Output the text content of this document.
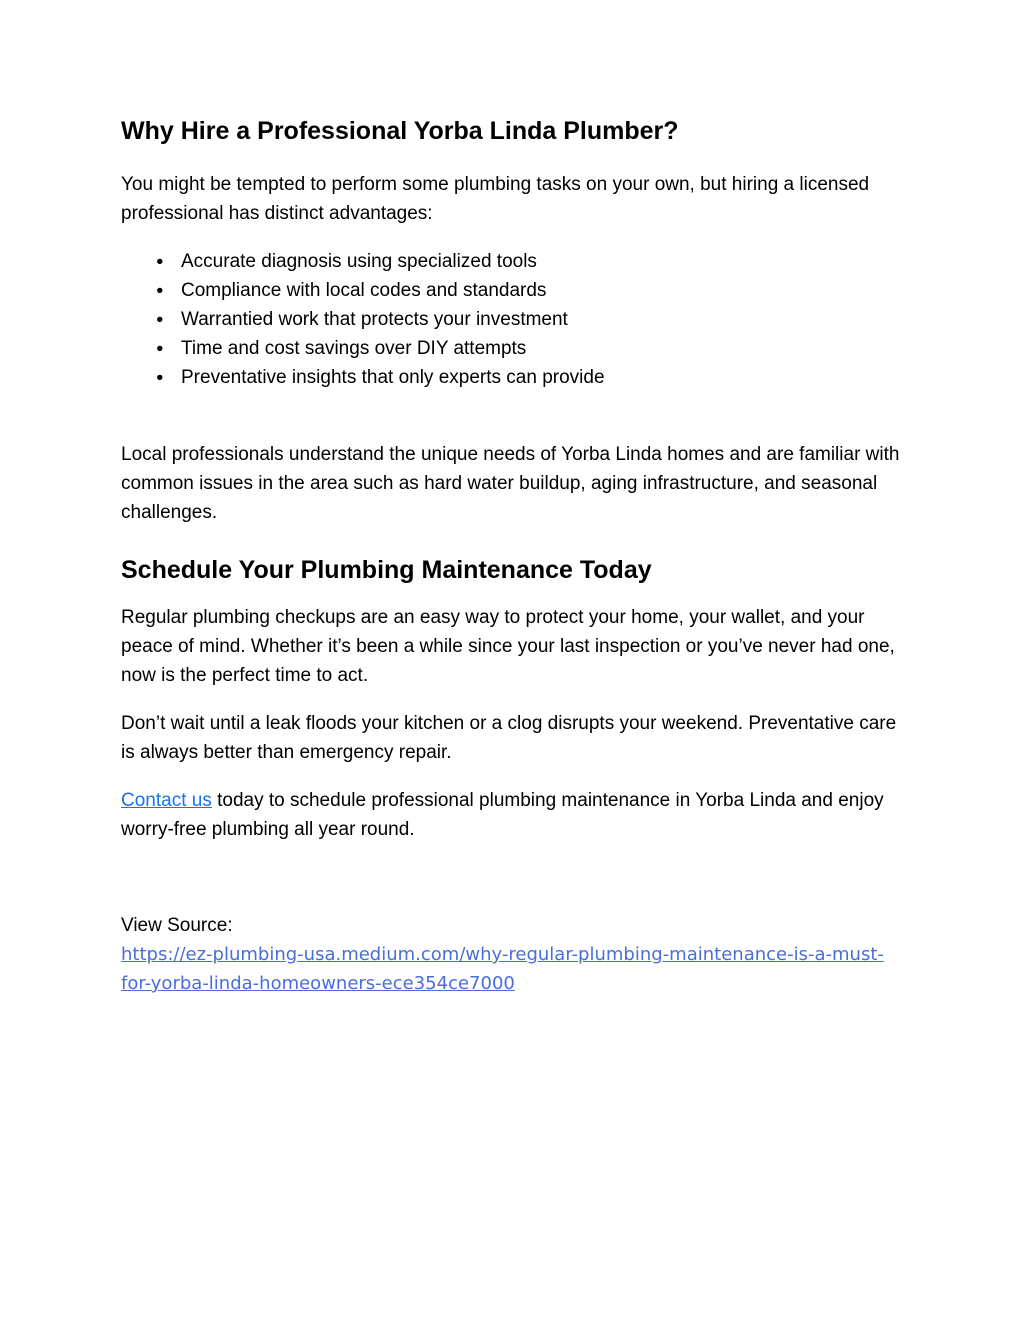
Why Hire a Professional Yorba Linda Plumber?

You might be tempted to perform some plumbing tasks on your own, but hiring a licensed professional has distinct advantages:

● Accurate diagnosis using specialized tools
● Compliance with local codes and standards
● Warrantied work that protects your investment
● Time and cost savings over DIY attempts
● Preventative insights that only experts can provide

Local professionals understand the unique needs of Yorba Linda homes and are familiar with common issues in the area such as hard water buildup, aging infrastructure, and seasonal challenges.

Schedule Your Plumbing Maintenance Today

Regular plumbing checkups are an easy way to protect your home, your wallet, and your peace of mind. Whether it’s been a while since your last inspection or you’ve never had one, now is the perfect time to act.

Don’t wait until a leak floods your kitchen or a clog disrupts your weekend. Preventative care is always better than emergency repair.

Contact us today to schedule professional plumbing maintenance in Yorba Linda and enjoy worry-free plumbing all year round.

View Source:

https://ez-plumbing-usa.medium.com/why-regular-plumbing-maintenance-is-a-must-for-yorba-linda-homeowners-ece354ce7000
